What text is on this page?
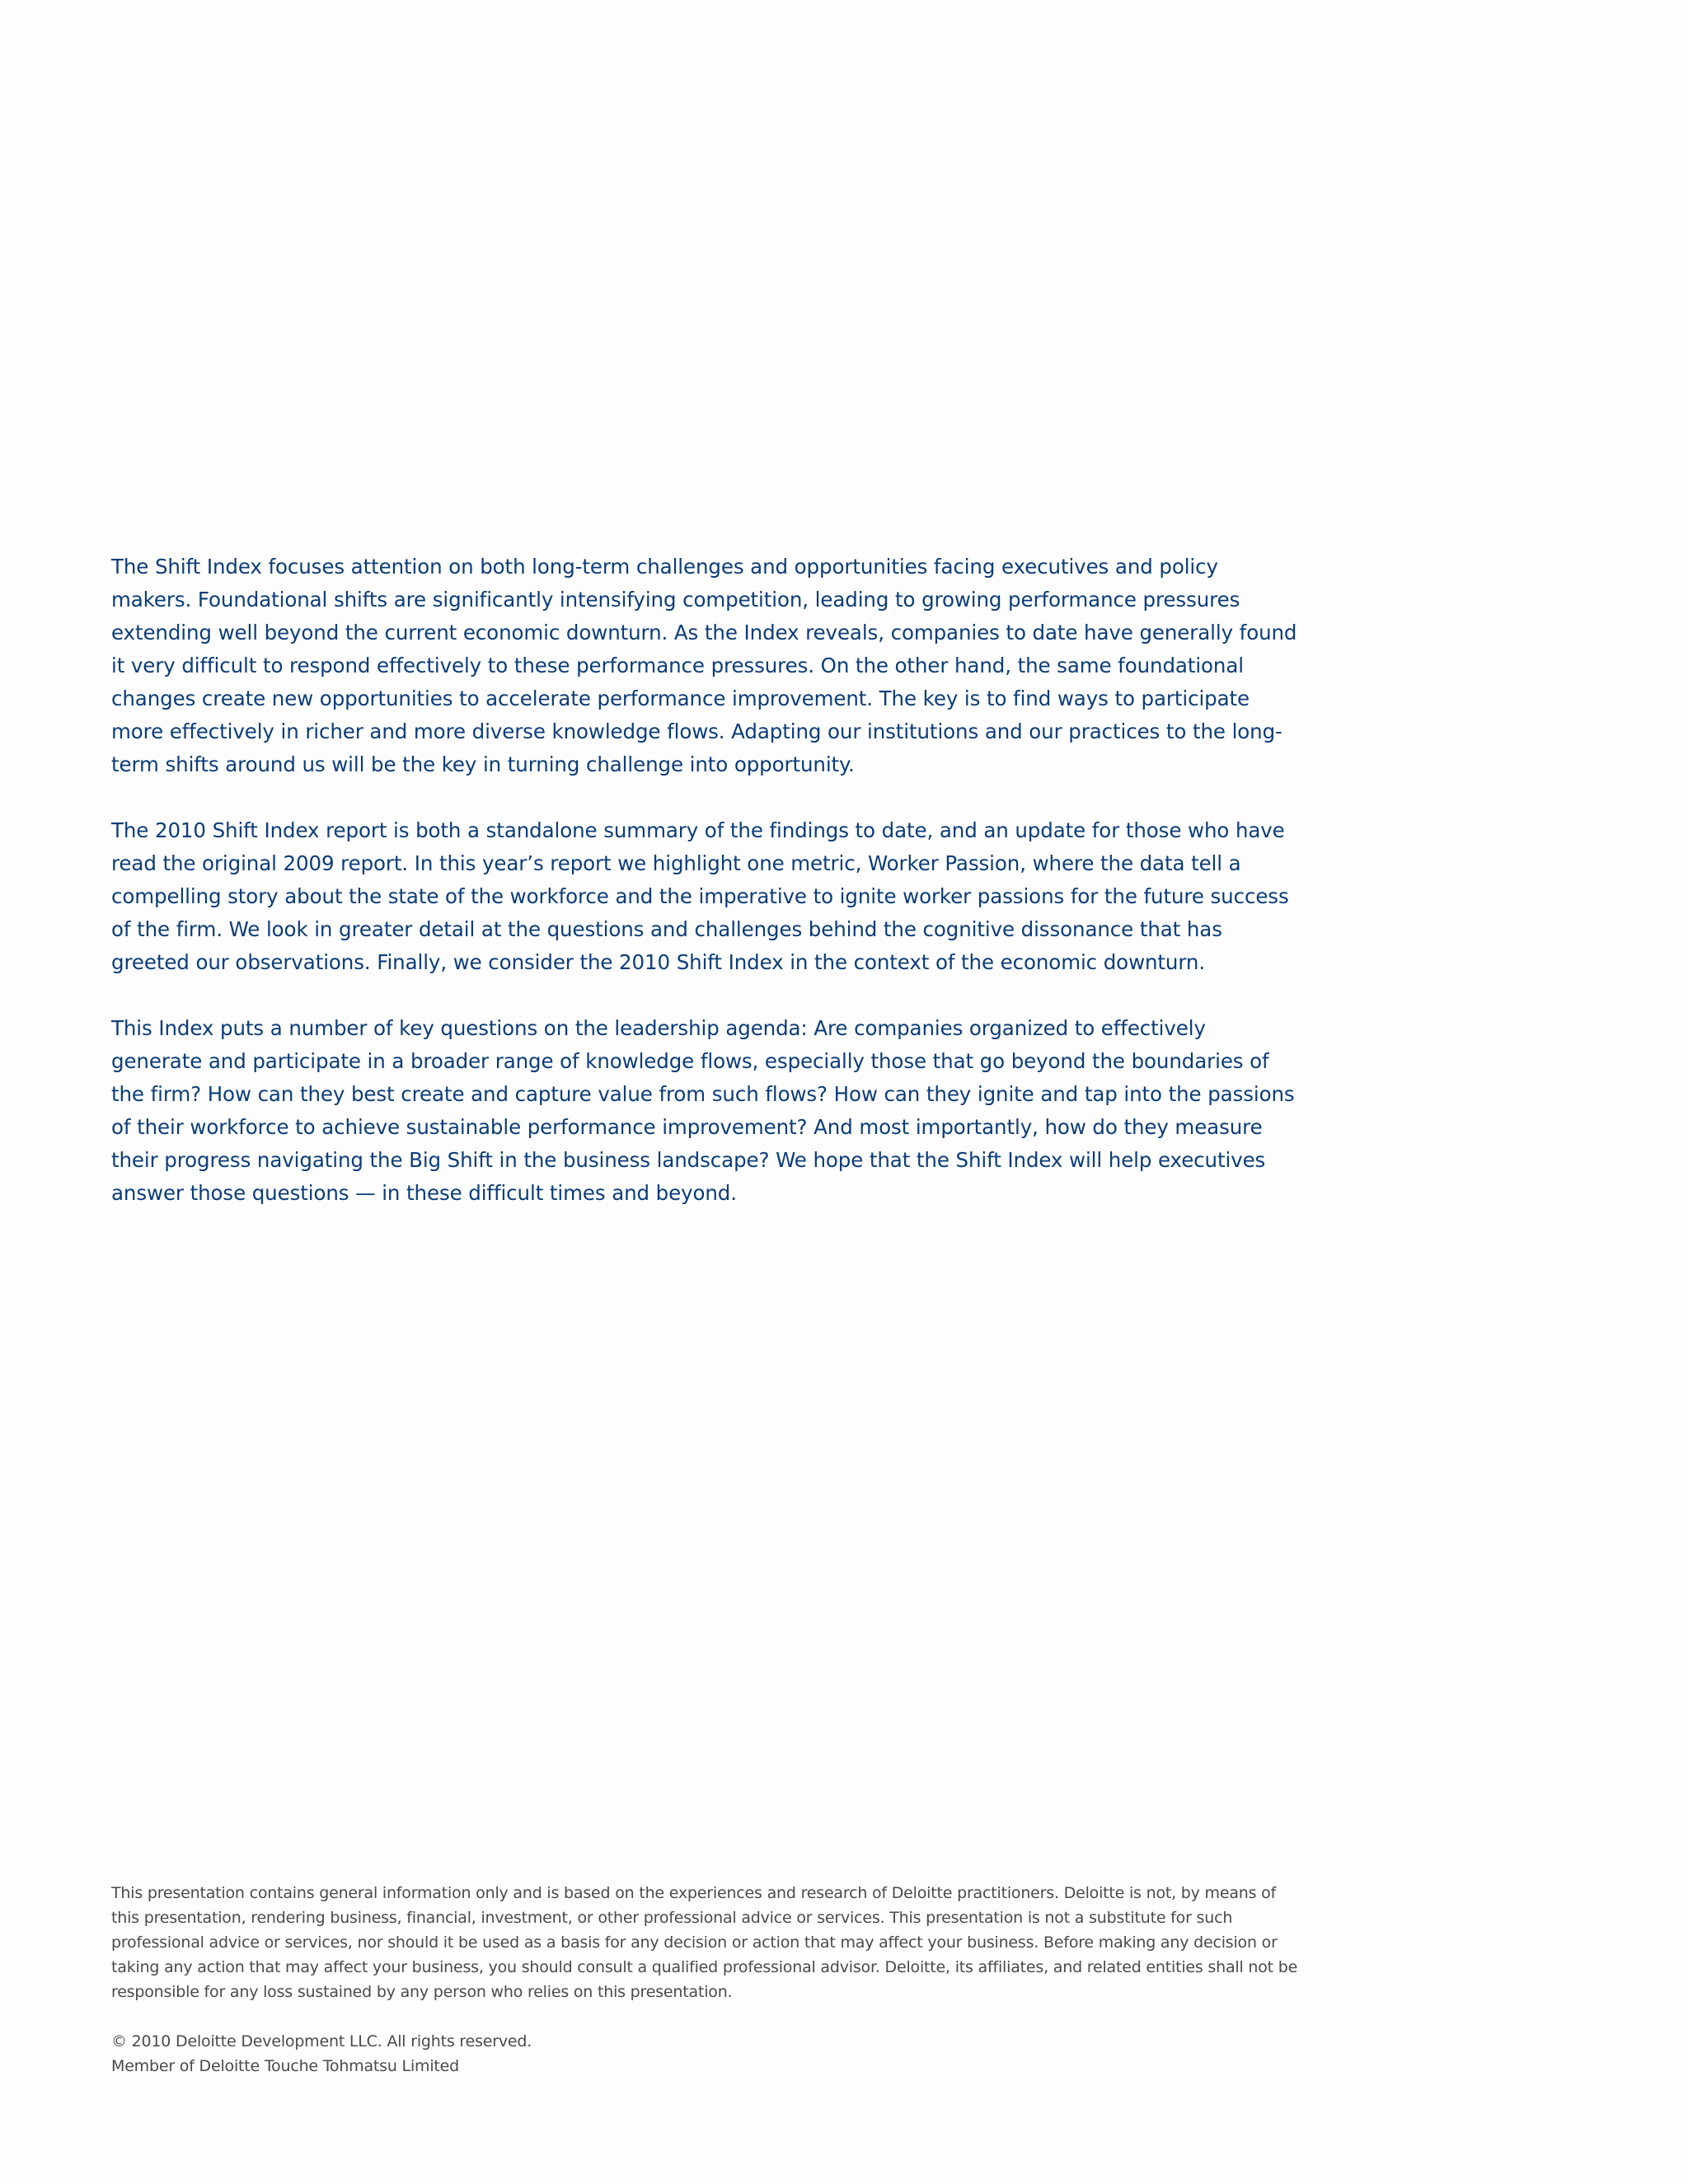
The Shift Index focuses attention on both long-term challenges and opportunities facing executives and policy makers. Foundational shifts are significantly intensifying competition, leading to growing performance pressures extending well beyond the current economic downturn. As the Index reveals, companies to date have generally found it very difficult to respond effectively to these performance pressures. On the other hand, the same foundational changes create new opportunities to accelerate performance improvement. The key is to find ways to participate more effectively in richer and more diverse knowledge flows. Adapting our institutions and our practices to the long-term shifts around us will be the key in turning challenge into opportunity.

The 2010 Shift Index report is both a standalone summary of the findings to date, and an update for those who have read the original 2009 report. In this year’s report we highlight one metric, Worker Passion, where the data tell a compelling story about the state of the workforce and the imperative to ignite worker passions for the future success of the firm. We look in greater detail at the questions and challenges behind the cognitive dissonance that has greeted our observations. Finally, we consider the 2010 Shift Index in the context of the economic downturn.

This Index puts a number of key questions on the leadership agenda: Are companies organized to effectively generate and participate in a broader range of knowledge flows, especially those that go beyond the boundaries of the firm? How can they best create and capture value from such flows? How can they ignite and tap into the passions of their workforce to achieve sustainable performance improvement? And most importantly, how do they measure their progress navigating the Big Shift in the business landscape? We hope that the Shift Index will help executives answer those questions — in these difficult times and beyond.

This presentation contains general information only and is based on the experiences and research of Deloitte practitioners. Deloitte is not, by means of this presentation, rendering business, financial, investment, or other professional advice or services. This presentation is not a substitute for such professional advice or services, nor should it be used as a basis for any decision or action that may affect your business. Before making any decision or taking any action that may affect your business, you should consult a qualified professional advisor. Deloitte, its affiliates, and related entities shall not be responsible for any loss sustained by any person who relies on this presentation.

© 2010 Deloitte Development LLC. All rights reserved.
Member of Deloitte Touche Tohmatsu Limited
